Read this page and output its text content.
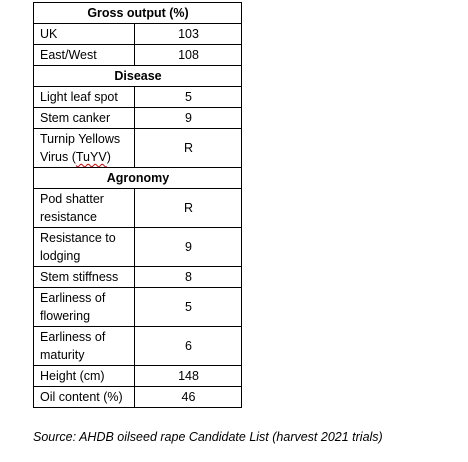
Gross output (%)	
UK	103
East/West	108
Disease	
Light leaf spot	5
Stem canker	9
Turnip Yellows Virus (TuYV)	R
Agronomy	
Pod shatter resistance	R
Resistance to lodging	9
Stem stiffness	8
Earliness of flowering	5
Earliness of maturity	6
Height (cm)	148
Oil content (%)	46
Source: AHDB oilseed rape Candidate List (harvest 2021 trials)
